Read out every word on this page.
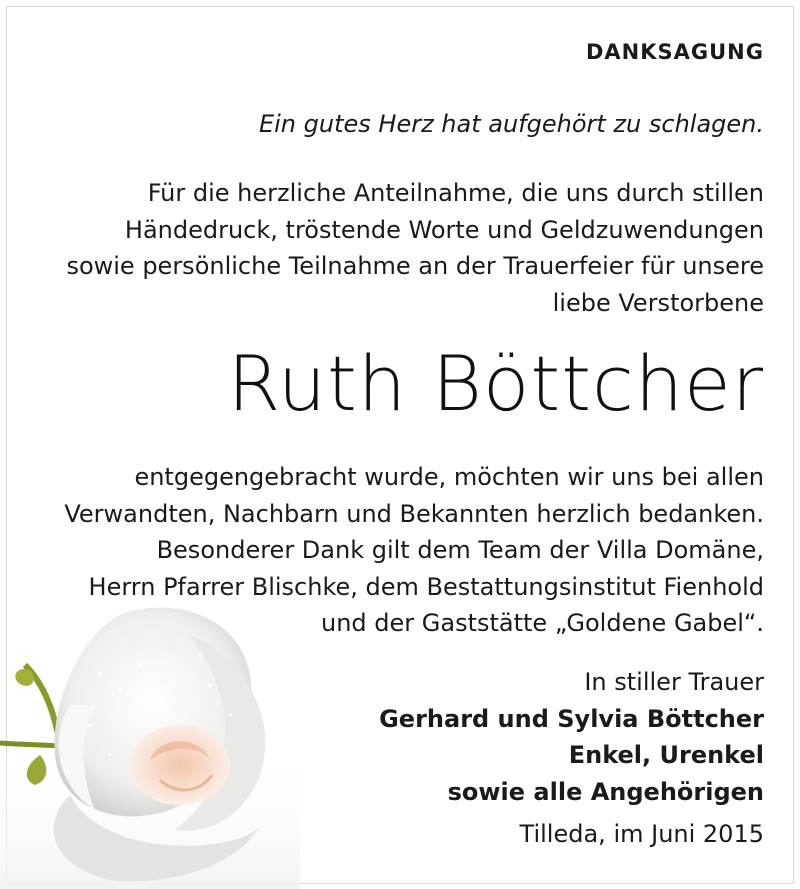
DANKSAGUNG
Ein gutes Herz hat aufgehört zu schlagen.
Für die herzliche Anteilnahme, die uns durch stillen
Händedruck, tröstende Worte und Geldzuwendungen
sowie persönliche Teilnahme an der Trauerfeier für unsere
liebe Verstorbene
Ruth Böttcher
entgegengebracht wurde, möchten wir uns bei allen
Verwandten, Nachbarn und Bekannten herzlich bedanken.
Besonderer Dank gilt dem Team der Villa Domäne,
Herrn Pfarrer Blischke, dem Bestattungsinstitut Fienhold
und der Gaststätte „Goldene Gabel“.
In stiller Trauer
Gerhard und Sylvia Böttcher
Enkel, Urenkel
sowie alle Angehörigen
Tilleda, im Juni 2015
